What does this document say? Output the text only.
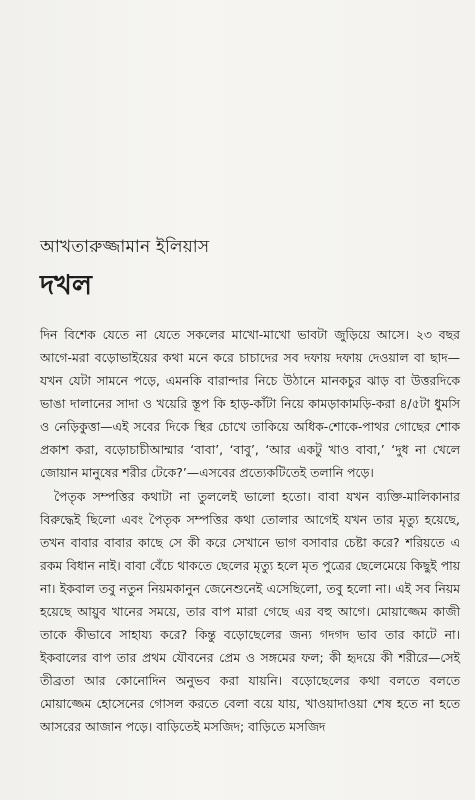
আখতারুজ্জামান ইলিয়াস
দখল

দিন বিশেক যেতে না যেতে সকলের মাখো-মাখো ভাবটা জুড়িয়ে আসে। ২৩ বছর আগে-মরা বড়োভাইয়ের কথা মনে করে চাচাদের সব দফায় দফায় দেওয়াল বা ছাদ—যখন যেটা সামনে পড়ে, এমনকি বারান্দার নিচে উঠানে মানকচুর ঝাড় বা উত্তরদিকে ভাঙা দালানের সাদা ও খয়েরি স্তূপ কি হাড়-কাঁটা নিয়ে কামড়াকামড়ি-করা ৪/৫টা ধুমসি ও নেড়িকুত্তা—এই সবের দিকে স্থির চোখে তাকিয়ে অধিক-শোকে-পাথর গোছের শোক প্রকাশ করা, বড়োচাচীআম্মার ‘বাবা’, ‘বাবু’, ‘আর একটু খাও বাবা,’ ‘দুধ না খেলে জোয়ান মানুষের শরীর টেকে?’—এসবের প্রত্যেকটিতেই তলানি পড়ে।

পৈতৃক সম্পত্তির কথাটা না তুললেই ভালো হতো। বাবা যখন ব্যক্তি-মালিকানার বিরুদ্ধেই ছিলো এবং পৈতৃক সম্পত্তির কথা তোলার আগেই যখন তার মৃত্যু হয়েছে, তখন বাবার বাবার কাছে সে কী করে সেখানে ভাগ বসাবার চেষ্টা করে? শরিয়তে এ রকম বিধান নাই। বাবা বেঁচে থাকতে ছেলের মৃত্যু হলে মৃত পুত্রের ছেলেমেয়ে কিছুই পায় না। ইকবাল তবু নতুন নিয়মকানুন জেনেশুনেই এসেছিলো, তবু হলো না। এই সব নিয়ম হয়েছে আয়ুব খানের সময়ে, তার বাপ মারা গেছে এর বহু আগে। মোয়াজ্জেম কাজী তাকে কীভাবে সাহায্য করে? কিন্তু বড়োছেলের জন্য গদগদ ভাব তার কাটে না। ইকবালের বাপ তার প্রথম যৌবনের প্রেম ও সঙ্গমের ফল; কী হৃদয়ে কী শরীরে—সেই তীব্রতা আর কোনোদিন অনুভব করা যায়নি। বড়োছেলের কথা বলতে বলতে মোয়াজ্জেম হোসেনের গোসল করতে বেলা বয়ে যায়, খাওয়াদাওয়া শেষ হতে না হতে আসরের আজান পড়ে। বাড়িতেই মসজিদ; বাড়িতে মসজিদ
